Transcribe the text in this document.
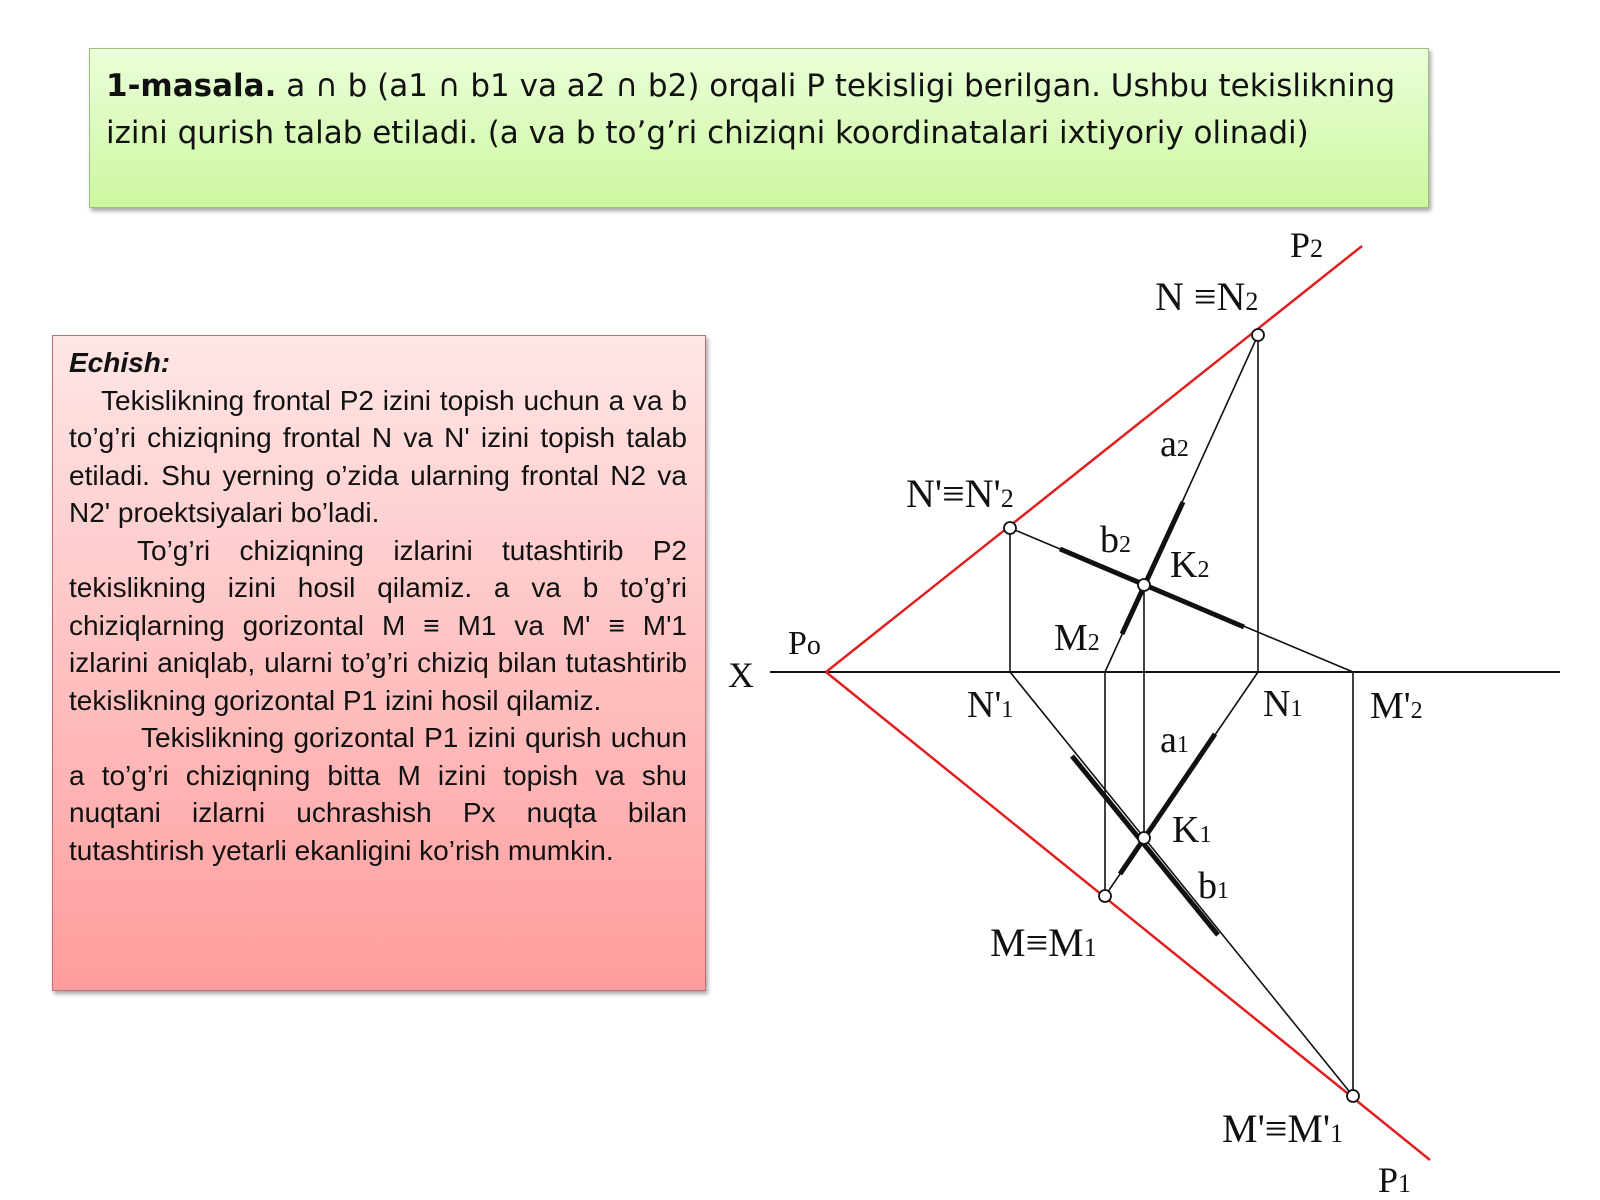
1-masala. a ∩ b (a1 ∩ b1 va a2 ∩ b2) orqali P tekisligi berilgan. Ushbu tekislikning izini qurish talab etiladi. (a va b to’g’ri chiziqni koordinatalari ixtiyoriy olinadi)
Echish:

Tekislikning frontal P2 izini topish uchun a va b to’g’ri chiziqning frontal N va N' izini topish talab etiladi. Shu yerning o’zida ularning frontal N2 va N2' proektsiyalari bo’ladi.

To’g’ri chiziqning izlarini tutashtirib P2 tekislikning izini hosil qilamiz. a va b to’g’ri chiziqlarning gorizontal M ≡ M1 va M' ≡ M'1 izlarini aniqlab, ularni to’g’ri chiziq bilan tutashtirib tekislikning gorizontal P1 izini hosil qilamiz.

Tekislikning gorizontal P1 izini qurish uchun a to’g’ri chiziqning bitta M izini topish va shu nuqtani izlarni uchrashish Px nuqta bilan tutashtirish yetarli ekanligini ko’rish mumkin.

P2
N ≡N2
a2
N'≡N'2
b2 K2
M2
Po
X
N'1	N1 M'2
a1
K1
b1
M≡M1
M'≡M'1
P1
